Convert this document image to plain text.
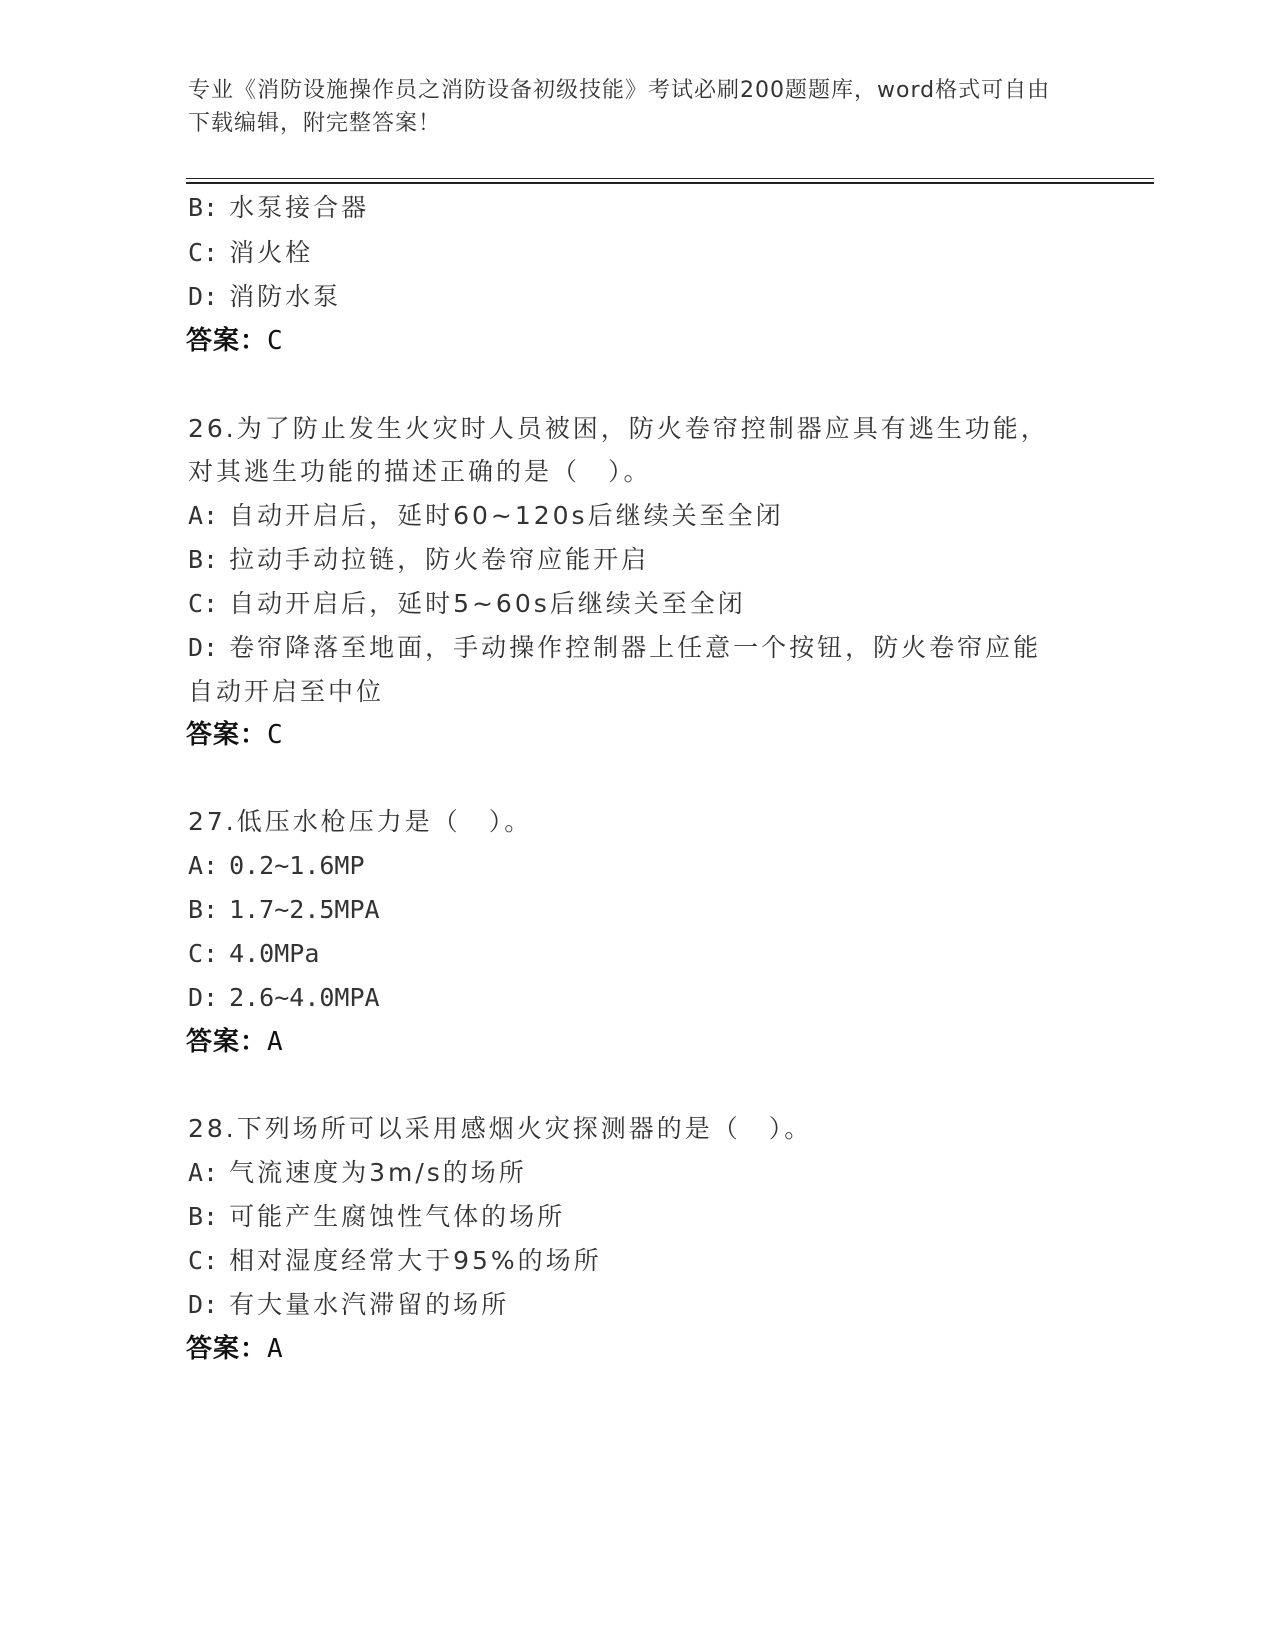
专业《消防设施操作员之消防设备初级技能》考试必刷200题题库，word格式可自由下载编辑，附完整答案！
B: 水泵接合器
C: 消火栓
D: 消防水泵
答案：C
26.为了防止发生火灾时人员被困，防火卷帘控制器应具有逃生功能，
对其逃生功能的描述正确的是（　）。
A: 自动开启后，延时60~120s后继续关至全闭
B: 拉动手动拉链，防火卷帘应能开启
C: 自动开启后，延时5~60s后继续关至全闭
D: 卷帘降落至地面，手动操作控制器上任意一个按钮，防火卷帘应能
自动开启至中位
答案：C
27.低压水枪压力是（　）。
A: 0.2~1.6MP
B: 1.7~2.5MPA
C: 4.0MPa
D: 2.6~4.0MPA
答案：A
28.下列场所可以采用感烟火灾探测器的是（　）。
A: 气流速度为3m/s的场所
B: 可能产生腐蚀性气体的场所
C: 相对湿度经常大于95%的场所
D: 有大量水汽滞留的场所
答案：A
